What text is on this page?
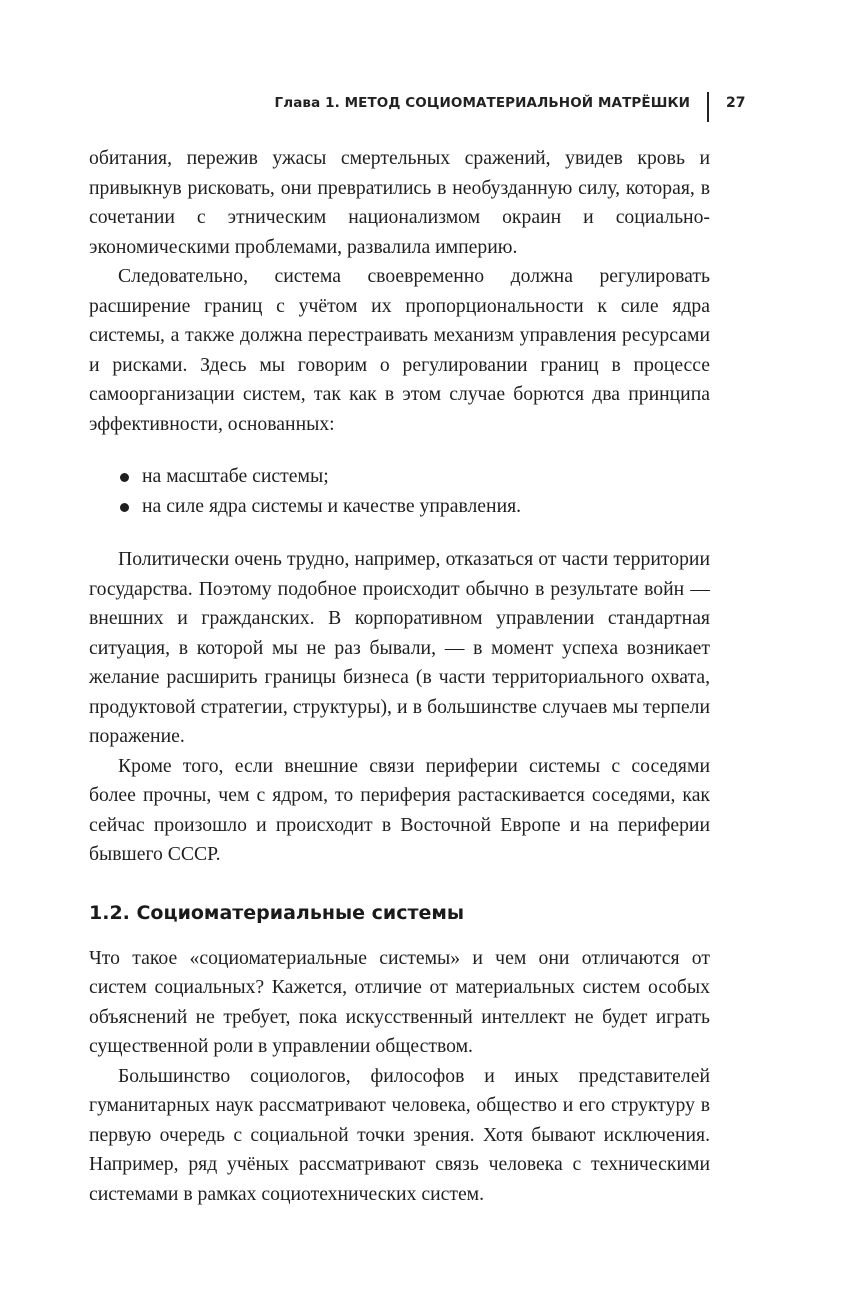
Глава 1. МЕТОД СОЦИОМАТЕРИАЛЬНОЙ МАТРЁШКИ	27

обитания, пережив ужасы смертельных сражений, увидев кровь и привыкнув рисковать, они превратились в необузданную силу, которая, в сочетании с этническим национализмом окраин и социально-экономическими проблемами, развалила империю.

Следовательно, система своевременно должна регулировать расширение границ с учётом их пропорциональности к силе ядра системы, а также должна перестраивать механизм управления ресурсами и рисками. Здесь мы говорим о регулировании границ в процессе самоорганизации систем, так как в этом случае борются два принципа эффективности, основанных:

на масштабе системы;
на силе ядра системы и качестве управления.

Политически очень трудно, например, отказаться от части территории государства. Поэтому подобное происходит обычно в результате войн — внешних и гражданских. В корпоративном управлении стандартная ситуация, в которой мы не раз бывали, — в момент успеха возникает желание расширить границы бизнеса (в части территориального охвата, продуктовой стратегии, структуры), и в большинстве случаев мы терпели поражение.

Кроме того, если внешние связи периферии системы с соседями более прочны, чем с ядром, то периферия растаскивается соседями, как сейчас произошло и происходит в Восточной Европе и на периферии бывшего СССР.

1.2. Социоматериальные системы

Что такое «социоматериальные системы» и чем они отличаются от систем социальных? Кажется, отличие от материальных систем особых объяснений не требует, пока искусственный интеллект не будет играть существенной роли в управлении обществом.

Большинство социологов, философов и иных представителей гуманитарных наук рассматривают человека, общество и его структуру в первую очередь с социальной точки зрения. Хотя бывают исключения. Например, ряд учёных рассматривают связь человека с техническими системами в рамках социотехнических систем.
